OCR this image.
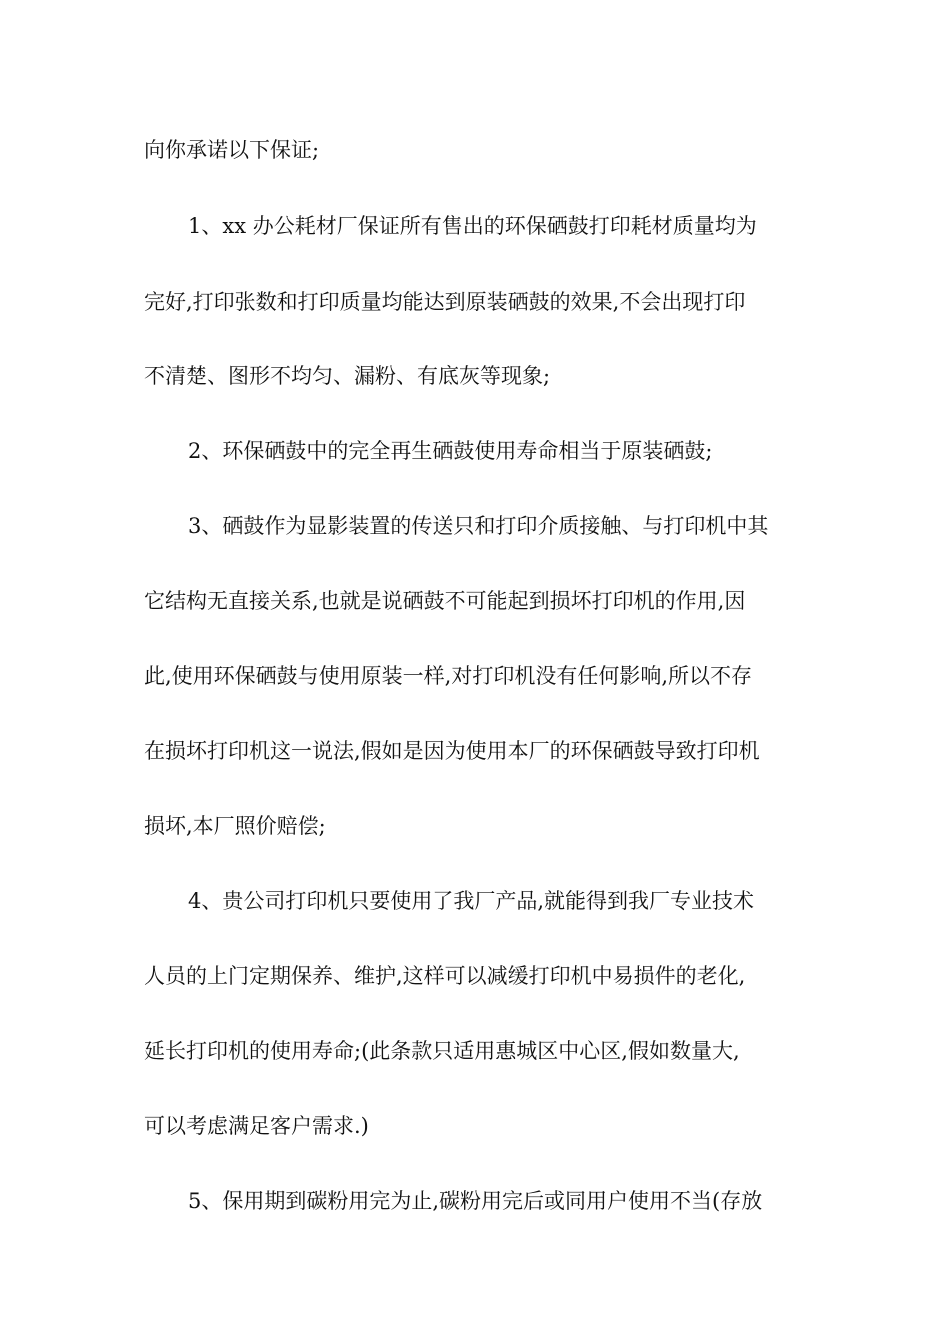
向你承诺以下保证;

1、xx 办公耗材厂保证所有售出的环保硒鼓打印耗材质量均为

完好,打印张数和打印质量均能达到原装硒鼓的效果,不会出现打印

不清楚、图形不均匀、漏粉、有底灰等现象;

2、环保硒鼓中的完全再生硒鼓使用寿命相当于原装硒鼓;

3、硒鼓作为显影装置的传送只和打印介质接触、与打印机中其

它结构无直接关系,也就是说硒鼓不可能起到损坏打印机的作用,因

此,使用环保硒鼓与使用原装一样,对打印机没有任何影响,所以不存

在损坏打印机这一说法,假如是因为使用本厂的环保硒鼓导致打印机

损坏,本厂照价赔偿;

4、贵公司打印机只要使用了我厂产品,就能得到我厂专业技术

人员的上门定期保养、维护,这样可以减缓打印机中易损件的老化,

延长打印机的使用寿命;(此条款只适用惠城区中心区,假如数量大,

可以考虑满足客户需求.)

5、保用期到碳粉用完为止,碳粉用完后或同用户使用不当(存放
